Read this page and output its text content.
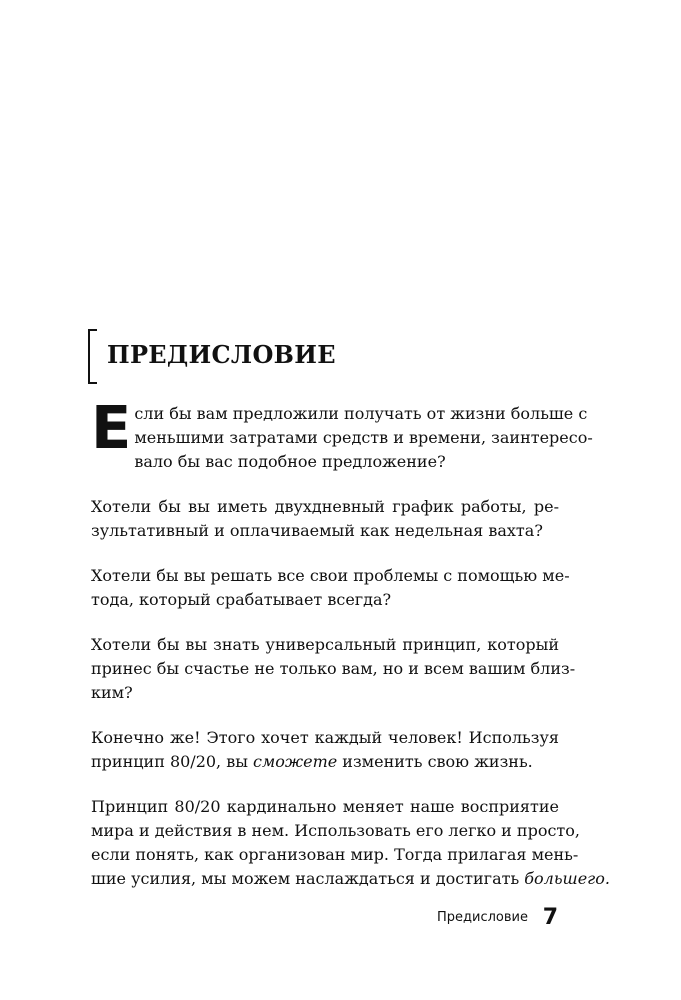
ПРЕДИСЛОВИЕ

Е сли бы вам предложили получать от жизни больше с
меньшими затратами средств и времени, заинтересо-
вало бы вас подобное предложение?

Хотели бы вы иметь двухдневный график работы, ре-
зультативный и оплачиваемый как недельная вахта?

Хотели бы вы решать все свои проблемы с помощью ме-
тода, который срабатывает всегда?

Хотели бы вы знать универсальный принцип, который
принес бы счастье не только вам, но и всем вашим близ-
ким?

Конечно же! Этого хочет каждый человек! Используя
принцип 80/20, вы сможете изменить свою жизнь.

Принцип 80/20 кардинально меняет наше восприятие
мира и действия в нем. Использовать его легко и просто,
если понять, как организован мир. Тогда прилагая мень-
шие усилия, мы можем наслаждаться и достигать большего.

Предисловие 7
